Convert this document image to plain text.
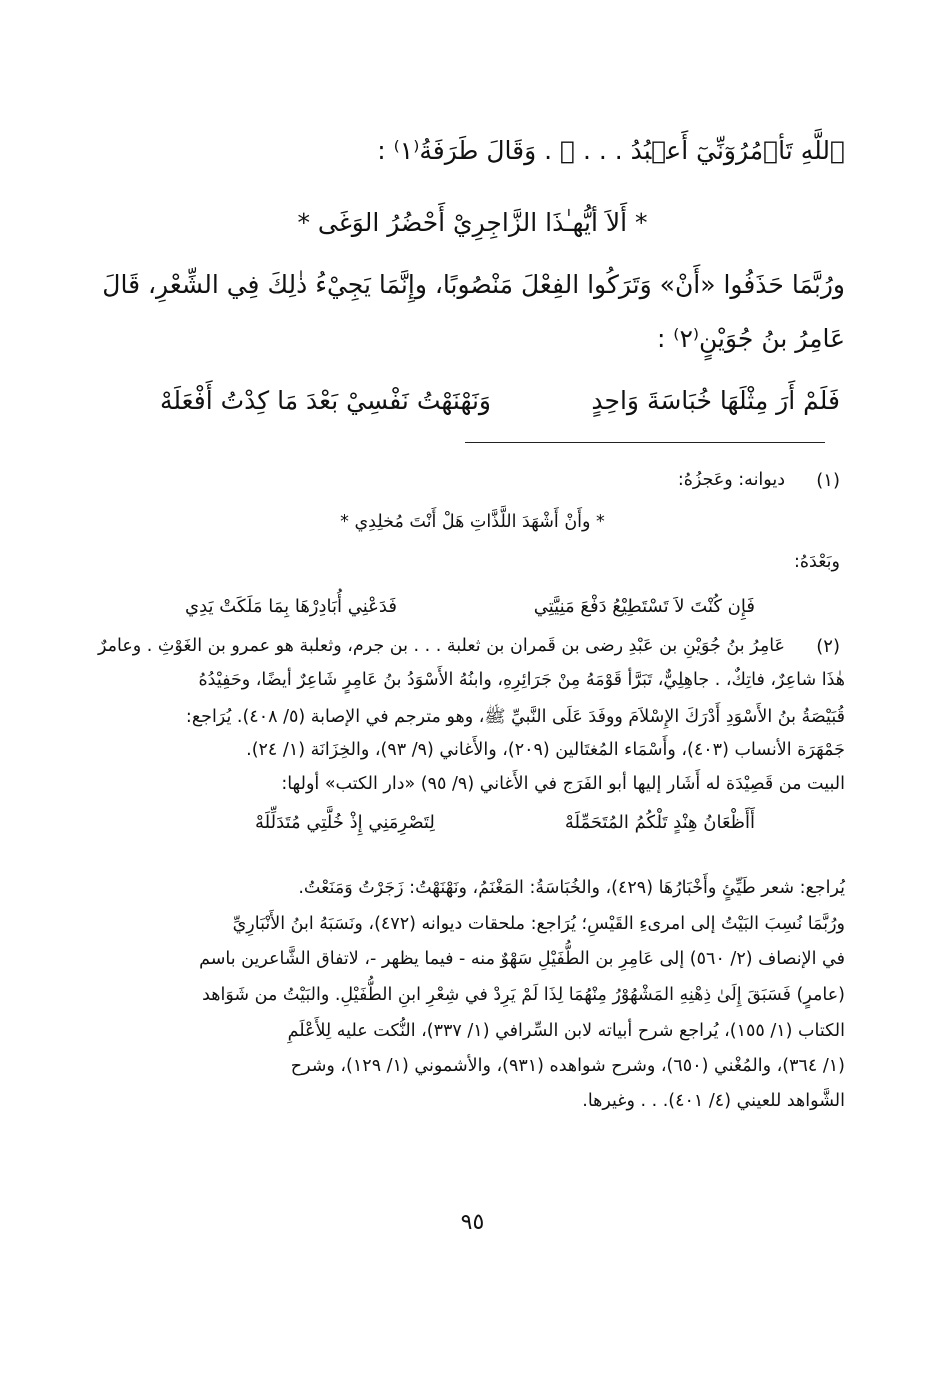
ٱللَّهِ تَأۡمُرُوٓنِّيٓ أَعۡبُدُ . . . ﴾ . وَقَالَ طَرَفَةُ⁽١⁾ :
* أَلاَ أيُّهـٰذَا الزَّاجِرِيْ أَحْضُرُ الوَغَى *
ورُبَّمَا حَذَفُوا «أَنْ» وَتَرَكُوا الفِعْلَ مَنْصُوبًا، وإِنَّمَا يَجِيْءُ ذٰلِكَ فِي الشِّعْرِ، قَالَ
عَامِرُ بنُ جُوَيْنٍ⁽٢⁾ :
فَلَمْ أَرَ مِثْلَهَا خُبَاسَةَ وَاحِدٍ
وَنَهْنَهْتُ نَفْسِيْ بَعْدَ مَا كِدْتُ أَفْعَلَهْ
(١)
ديوانه: وعَجزُهُ:
* وأَنْ أَشْهَدَ اللَّذَّاتِ هَلْ أَنْتَ مُخلِدِي *
وبَعْدَهُ:
فَإِن كُنْتَ لاَ تَسْتَطِيْعُ دَفْعَ مَنِيَّتِي
فَدَعْنِي أُبَادِرْهَا بِمَا مَلَكَتْ يَدِي
(٢)
عَامِرُ بنُ جُوَيْنِ بن عَبْدِ رضى بن قَمران بن ثعلبة . . . بن جرم، وثعلبة هو عمرو بن الغَوْثِ . وعامرٌ
هٰذَا شاعِرٌ، فاتِكٌ، . جاهِلِيٌّ، تَبَرَّأ قَوْمَهُ مِنْ جَرَائِرِهِ، وابنُهُ الأَسْوَدُ بنُ عَامِرٍ شَاعِرٌ أيضًا، وحَفِيْدُهُ
قُبَيْصَةُ بنُ الأَسْوَدِ أَدْرَكَ الإِسْلاَمَ ووفَدَ عَلَى النَّبيِّ ﷺ، وهو مترجم في الإصابة (٥/ ٤٠٨). يُرَاجع:
جَمْهَرَة الأنساب (٤٠٣)، وأَسْمَاء المُغتَالين (٢٠٩)، والأَغاني (٩/ ٩٣)، والخِزَانَة (١/ ٢٤).
البيت من قَصِيْدَة له أَشَار إليها أبو الفَرَج في الأَغاني (٩/ ٩٥) «دار الكتب» أولها:
أَأَظْعَانُ هِنْدٍ تَلْكُمُ المُتَحَمِّلَهْ
لِتَصْرِمَنِي إِذْ خُلَّتِي مُتَدَلِّلَهْ
يُراجع: شعر طَيِّئٍ وأَخْبَارُهَا (٤٢٩)، والخُبَاسَةُ: المَغْنَمُ، ونَهْنَهْتُ: زَجَرْتُ وَمَنَعْتُ.
ورُبَّمَا نُسِبَ البَيْتُ إلى امرىءِ القَيْسِ؛ يُرَاجع: ملحقات ديوانه (٤٧٢)، ونَسَبَهُ ابنُ الأَنْبَارِيِّ
في الإنصاف (٢/ ٥٦٠) إلى عَامِرِ بن الطُّفَيْلِ سَهْوٌ منه - فيما يظهر -، لاتفاق الشَّاعرين باسم
(عامرٍ) فَسَبَقَ إِلَىٰ ذِهْنِهِ المَشْهُوْرُ مِنْهُمَا لِذَا لَمْ يَرِدْ في شِعْرِ ابنِ الطُّفَيْلِ. والبَيْتُ من شَوَاهد
الكتاب (١/ ١٥٥)، يُراجع شرح أبياته لابن السِّرافي (١/ ٣٣٧)، النُّكت عليه لِلأَعْلَمِ
(١/ ٣٦٤)، والمُغْني (٦٥٠)، وشرح شواهده (٩٣١)، والأشموني (١/ ١٢٩)، وشرح
الشَّواهد للعيني (٤/ ٤٠١). . . وغيرها.
٩٥
